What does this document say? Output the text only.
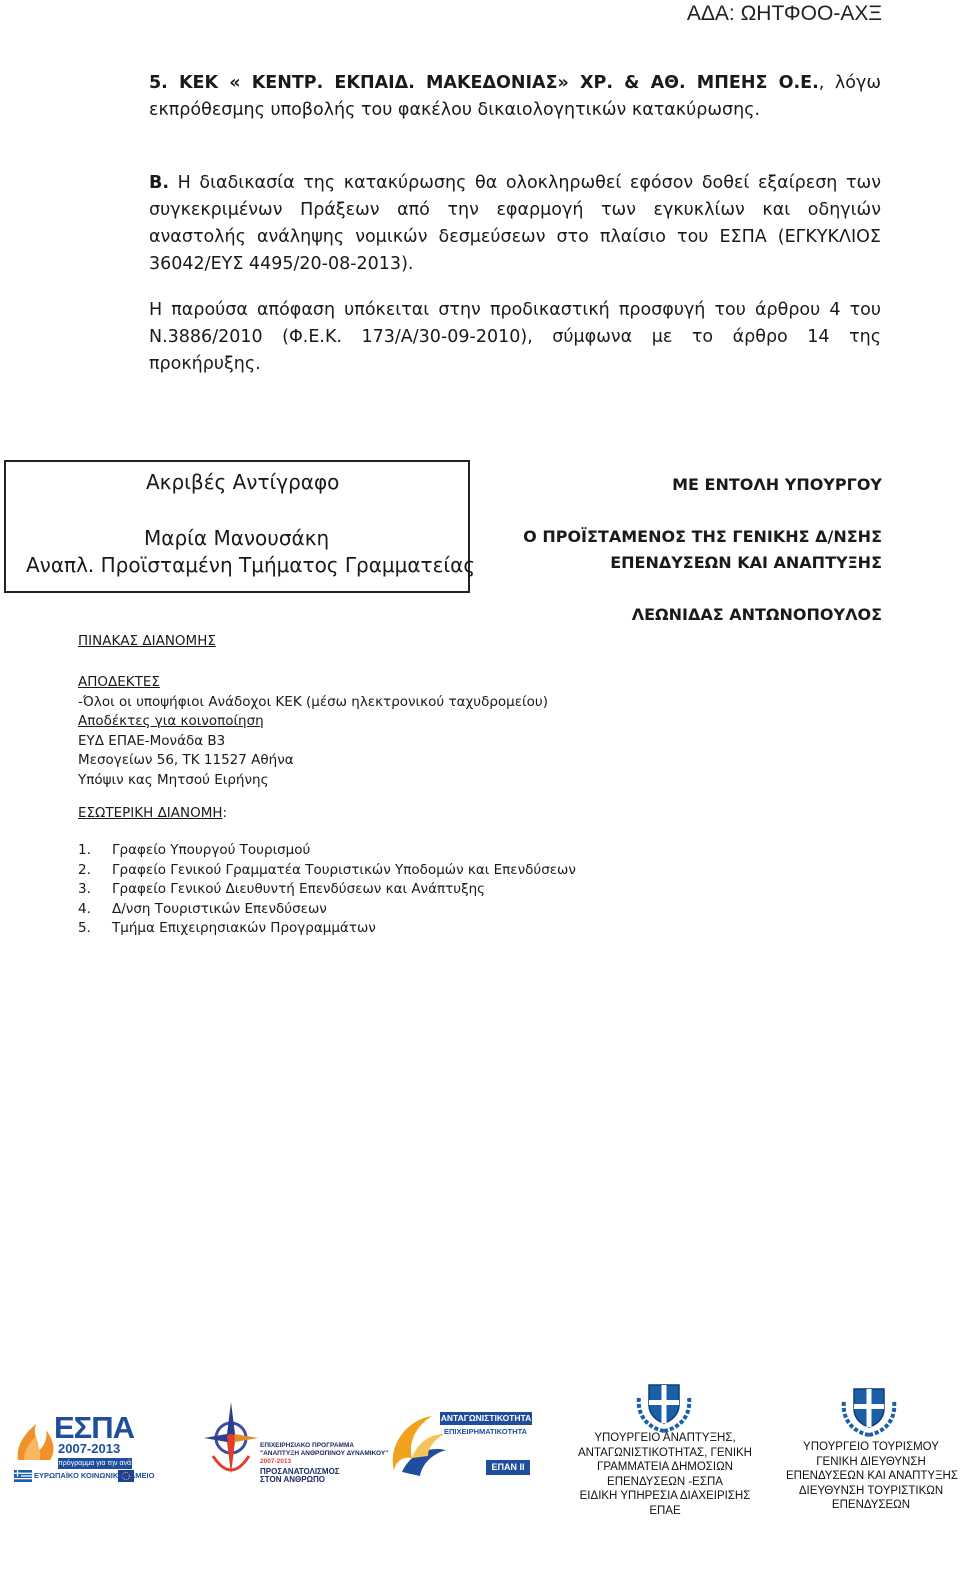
ΑΔΑ: ΩΗΤΦΟΟ-ΑΧΞ
5. ΚΕΚ « ΚΕΝΤΡ. ΕΚΠΑΙΔ. ΜΑΚΕΔΟΝΙΑΣ» ΧΡ. & ΑΘ. ΜΠΕΗΣ Ο.Ε., λόγω εκπρόθεσμης υποβολής του φακέλου δικαιολογητικών κατακύρωσης.
Β. Η διαδικασία της κατακύρωσης θα ολοκληρωθεί εφόσον δοθεί εξαίρεση των συγκεκριμένων Πράξεων από την εφαρμογή των εγκυκλίων και οδηγιών αναστολής ανάληψης νομικών δεσμεύσεων στο πλαίσιο του ΕΣΠΑ (ΕΓΚΥΚΛΙΟΣ 36042/ΕΥΣ 4495/20-08-2013).
Η παρούσα απόφαση υπόκειται στην προδικαστική προσφυγή του άρθρου 4 του Ν.3886/2010 (Φ.Ε.Κ. 173/Α/30-09-2010), σύμφωνα με το άρθρο 14 της προκήρυξης.
Ακριβές Αντίγραφο
Μαρία Μανουσάκη
Αναπλ. Προϊσταμένη Τμήματος Γραμματείας
ΜΕ ΕΝΤΟΛΗ ΥΠΟΥΡΓΟΥ
Ο ΠΡΟΪΣΤΑΜΕΝΟΣ ΤΗΣ ΓΕΝΙΚΗΣ Δ/ΝΣΗΣ
ΕΠΕΝΔΥΣΕΩΝ ΚΑΙ ΑΝΑΠΤΥΞΗΣ
ΛΕΩΝΙΔΑΣ ΑΝΤΩΝΟΠΟΥΛΟΣ
ΠΙΝΑΚΑΣ ΔΙΑΝΟΜΗΣ
ΑΠΟΔΕΚΤΕΣ
-Όλοι οι υποψήφιοι Ανάδοχοι ΚΕΚ (μέσω ηλεκτρονικού ταχυδρομείου)
Αποδέκτες για κοινοποίηση
ΕΥΔ ΕΠΑΕ-Μονάδα Β3
Μεσογείων 56, ΤΚ 11527 Αθήνα
Υπόψιν κας Μητσού Ειρήνης
ΕΣΩΤΕΡΙΚΗ ΔΙΑΝΟΜΗ:
1.	Γραφείο Υπουργού Τουρισμού
2.	Γραφείο Γενικού Γραμματέα Τουριστικών Υποδομών και Επενδύσεων
3.	Γραφείο Γενικού Διευθυντή Επενδύσεων και Ανάπτυξης
4.	Δ/νση Τουριστικών Επενδύσεων
5.	Τμήμα Επιχειρησιακών Προγραμμάτων
ΕΣΠΑ
2007-2013
πρόγραμμα για την ανάπτυξη
ΕΥΡΩΠΑΪΚΟ ΚΟΙΝΩΝΙΚΟ ΤΑΜΕΙΟ
ΕΠΙΧΕΙΡΗΣΙΑΚΟ ΠΡΟΓΡΑΜΜΑ
"ΑΝΑΠΤΥΞΗ ΑΝΘΡΩΠΙΝΟΥ ΔΥΝΑΜΙΚΟΥ"
2007-2013
ΠΡΟΣΑΝΑΤΟΛΙΣΜΟΣ
ΣΤΟΝ ΑΝΘΡΩΠΟ
ΑΝΤΑΓΩΝΙΣΤΙΚΟΤΗΤΑ
ΕΠΙΧΕΙΡΗΜΑΤΙΚΟΤΗΤΑ
ΕΠΑΝ II
ΥΠΟΥΡΓΕΙΟ ΑΝΑΠΤΥΞΗΣ,
ΑΝΤΑΓΩΝΙΣΤΙΚΟΤΗΤΑΣ, ΓΕΝΙΚΗ
ΓΡΑΜΜΑΤΕΙΑ ΔΗΜΟΣΙΩΝ
ΕΠΕΝΔΥΣΕΩΝ -ΕΣΠΑ
ΕΙΔΙΚΗ ΥΠΗΡΕΣΙΑ ΔΙΑΧΕΙΡΙΣΗΣ
ΕΠΑΕ
ΥΠΟΥΡΓΕΙΟ ΤΟΥΡΙΣΜΟΥ
ΓΕΝΙΚΗ ΔΙΕΥΘΥΝΣΗ
ΕΠΕΝΔΥΣΕΩΝ ΚΑΙ ΑΝΑΠΤΥΞΗΣ
ΔΙΕΥΘΥΝΣΗ ΤΟΥΡΙΣΤΙΚΩΝ
ΕΠΕΝΔΥΣΕΩΝ
